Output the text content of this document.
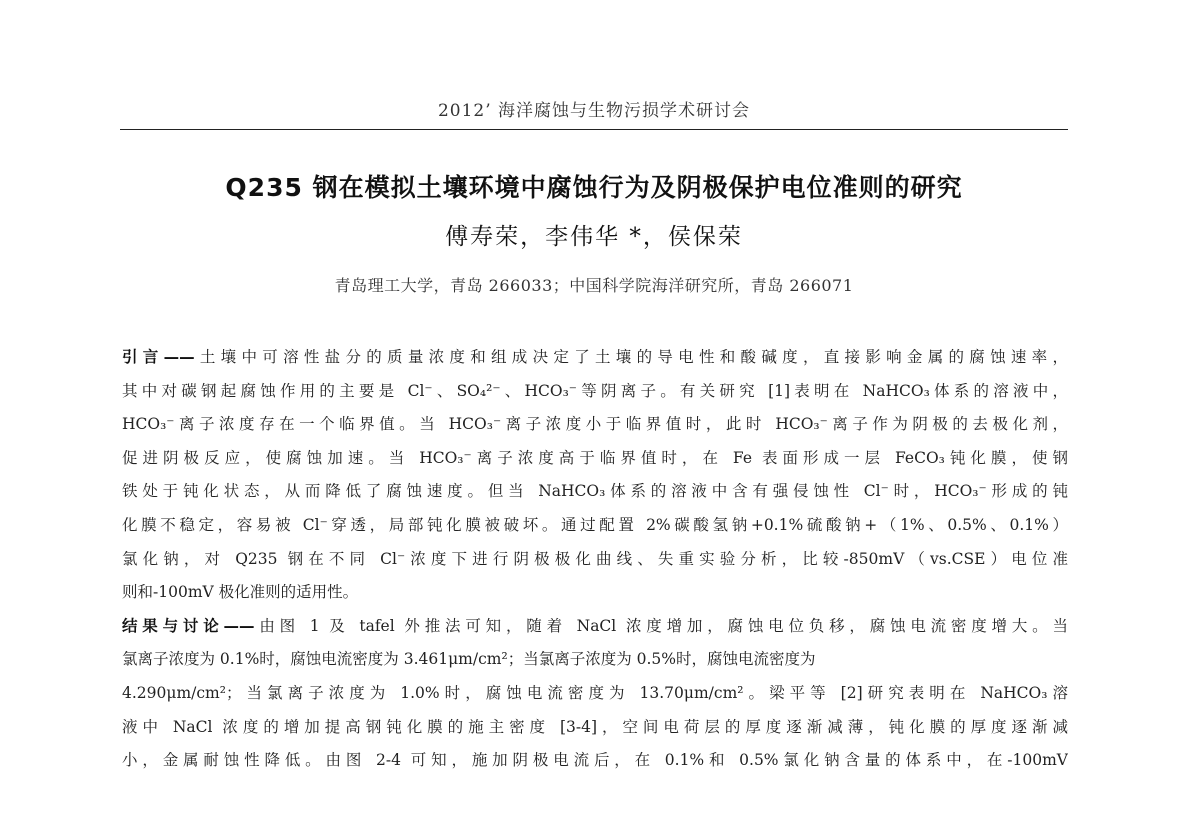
2012’ 海洋腐蚀与生物污损学术研讨会
Q235 钢在模拟土壤环境中腐蚀行为及阴极保护电位准则的研究
傅寿荣，李伟华 *，侯保荣
青岛理工大学，青岛 266033；中国科学院海洋研究所，青岛 266071
引言——土壤中可溶性盐分的质量浓度和组成决定了土壤的导电性和酸碱度，直接影响金属的腐蚀速率，
其中对碳钢起腐蚀作用的主要是 Cl⁻、SO₄²⁻、HCO₃⁻等阴离子。有关研究 [1]表明在 NaHCO₃体系的溶液中，
HCO₃⁻离子浓度存在一个临界值。当 HCO₃⁻离子浓度小于临界值时，此时 HCO₃⁻离子作为阴极的去极化剂，
促进阴极反应，使腐蚀加速。当 HCO₃⁻离子浓度高于临界值时，在 Fe 表面形成一层 FeCO₃钝化膜，使钢
铁处于钝化状态，从而降低了腐蚀速度。但当 NaHCO₃体系的溶液中含有强侵蚀性 Cl⁻时，HCO₃⁻形成的钝
化膜不稳定，容易被 Cl⁻穿透，局部钝化膜被破坏。通过配置 2%碳酸氢钠+0.1%硫酸钠+（1%、0.5%、0.1%）
氯化钠，对 Q235 钢在不同 Cl⁻浓度下进行阴极极化曲线、失重实验分析，比较-850mV（vs.CSE）电位准
则和-100mV 极化准则的适用性。
结果与讨论——由图 1 及 tafel 外推法可知，随着 NaCl 浓度增加，腐蚀电位负移，腐蚀电流密度增大。当
氯离子浓度为 0.1%时，腐蚀电流密度为 3.461μm/cm²；当氯离子浓度为 0.5%时，腐蚀电流密度为
4.290μm/cm²；当氯离子浓度为 1.0%时，腐蚀电流密度为 13.70μm/cm²。梁平等 [2]研究表明在 NaHCO₃溶
液中 NaCl 浓度的增加提高钢钝化膜的施主密度 [3-4]，空间电荷层的厚度逐渐减薄，钝化膜的厚度逐渐减
小，金属耐蚀性降低。由图 2-4 可知，施加阴极电流后，在 0.1%和 0.5%氯化钠含量的体系中，在-100mV
